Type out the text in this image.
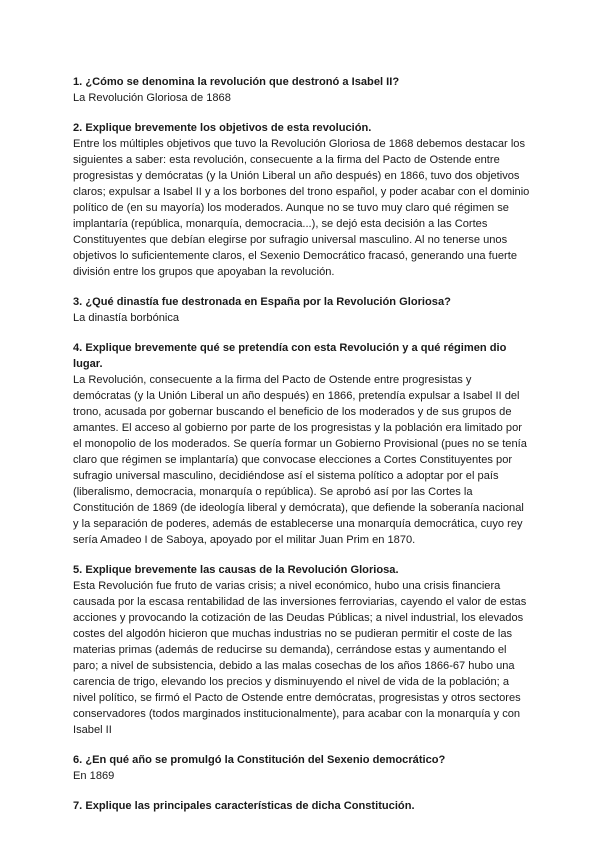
1. ¿Cómo se denomina la revolución que destronó a Isabel II?

La Revolución Gloriosa de 1868

2. Explique brevemente los objetivos de esta revolución.

Entre los múltiples objetivos que tuvo la Revolución Gloriosa de 1868 debemos destacar los siguientes a saber: esta revolución, consecuente a la firma del Pacto de Ostende entre progresistas y demócratas (y la Unión Liberal un año después) en 1866, tuvo dos objetivos claros; expulsar a Isabel II y a los borbones del trono español, y poder acabar con el dominio político de (en su mayoría) los moderados. Aunque no se tuvo muy claro qué régimen se implantaría (república, monarquía, democracia...), se dejó esta decisión a las Cortes Constituyentes que debían elegirse por sufragio universal masculino. Al no tenerse unos objetivos lo suficientemente claros, el Sexenio Democrático fracasó, generando una fuerte división entre los grupos que apoyaban la revolución.

3. ¿Qué dinastía fue destronada en España por la Revolución Gloriosa?

La dinastía borbónica

4. Explique brevemente qué se pretendía con esta Revolución y a qué régimen dio lugar.

La Revolución, consecuente a la firma del Pacto de Ostende entre progresistas y demócratas (y la Unión Liberal un año después) en 1866, pretendía expulsar a Isabel II del trono, acusada por gobernar buscando el beneficio de los moderados y de sus grupos de amantes. El acceso al gobierno por parte de los progresistas y la población era limitado por el monopolio de los moderados. Se quería formar un Gobierno Provisional (pues no se tenía claro que régimen se implantaría) que convocase elecciones a Cortes Constituyentes por sufragio universal masculino, decidiéndose así el sistema político a adoptar por el país (liberalismo, democracia, monarquía o república). Se aprobó así por las Cortes la Constitución de 1869 (de ideología liberal y demócrata), que defiende la soberanía nacional y la separación de poderes, además de establecerse una monarquía democrática, cuyo rey sería Amadeo I de Saboya, apoyado por el militar Juan Prim en 1870.

5. Explique brevemente las causas de la Revolución Gloriosa.

Esta Revolución fue fruto de varias crisis; a nivel económico, hubo una crisis financiera causada por la escasa rentabilidad de las inversiones ferroviarias, cayendo el valor de estas acciones y provocando la cotización de las Deudas Públicas; a nivel industrial, los elevados costes del algodón hicieron que muchas industrias no se pudieran permitir el coste de las materias primas (además de reducirse su demanda), cerrándose estas y aumentando el paro; a nivel de subsistencia, debido a las malas cosechas de los años 1866-67 hubo una carencia de trigo, elevando los precios y disminuyendo el nivel de vida de la población; a nivel político, se firmó el Pacto de Ostende entre demócratas, progresistas y otros sectores conservadores (todos marginados institucionalmente), para acabar con la monarquía y con Isabel II

6. ¿En qué año se promulgó la Constitución del Sexenio democrático?

En 1869

7. Explique las principales características de dicha Constitución.
